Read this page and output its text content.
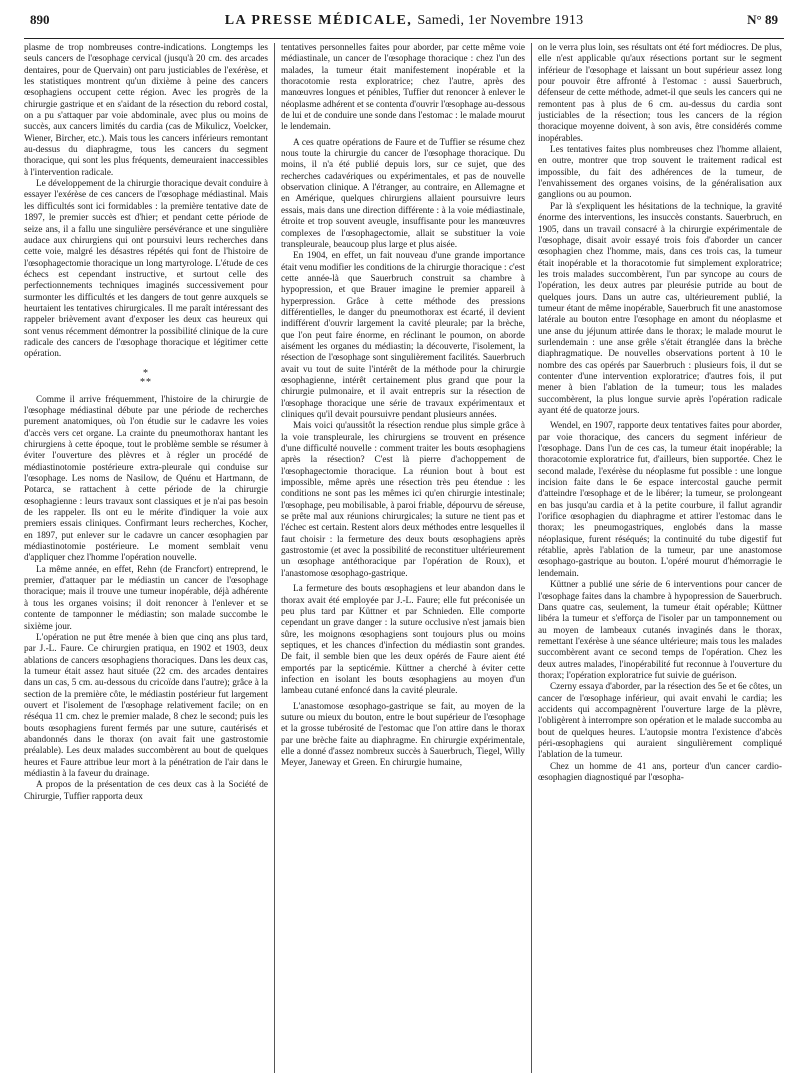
890	LA PRESSE MÉDICALE, Samedi, 1er Novembre 1913	N° 89

plasme de trop nombreuses contre-indications. Longtemps les seuls cancers de l'œsophage cervical (jusqu'à 20 cm. des arcades dentaires, pour de Quervain) ont paru justiciables de l'exérèse, et les statistiques montrent qu'un dixième à peine des cancers œsophagiens occupent cette région. Avec les progrès de la chirurgie gastrique et en s'aidant de la résection du rebord costal, on a pu s'attaquer par voie abdominale, avec plus ou moins de succès, aux cancers limités du cardia (cas de Mikulicz, Voelcker, Wiener, Bircher, etc.). Mais tous les cancers inférieurs remontant au-dessus du diaphragme, tous les cancers du segment thoracique, qui sont les plus fréquents, demeuraient inaccessibles à l'intervention radicale.

Le développement de la chirurgie thoracique devait conduire à essayer l'exérèse de ces cancers de l'œsophage médiastinal. Mais les difficultés sont ici formidables : la première tentative date de 1897, le premier succès est d'hier; et pendant cette période de seize ans, il a fallu une singulière persévérance et une singulière audace aux chirurgiens qui ont poursuivi leurs recherches dans cette voie, malgré les désastres répétés qui font de l'histoire de l'œsophagectomie thoracique un long martyrologe. L'étude de ces échecs est cependant instructive, et surtout celle des perfectionnements techniques imaginés successivement pour surmonter les difficultés et les dangers de tout genre auxquels se heurtaient les tentatives chirurgicales. Il me paraît intéressant des rappeler brièvement avant d'exposer les deux cas heureux qui sont venus récemment démontrer la possibilité clinique de la cure radicale des cancers de l'œsophage thoracique et légitimer cette opération.

*
**

Comme il arrive fréquemment, l'histoire de la chirurgie de l'œsophage médiastinal débute par une période de recherches purement anatomiques, où l'on étudie sur le cadavre les voies d'accès vers cet organe. La crainte du pneumothorax hantant les chirurgiens à cette époque, tout le problème semble se résumer à éviter l'ouverture des plèvres et à régler un procédé de médiastinotomie postérieure extra-pleurale qui conduise sur l'œsophage. Les noms de Nasilow, de Quénu et Hartmann, de Potarca, se rattachent à cette période de la chirurgie œsophagienne : leurs travaux sont classiques et je n'ai pas besoin de les rappeler. Ils ont eu le mérite d'indiquer la voie aux premiers essais cliniques. Confirmant leurs recherches, Kocher, en 1897, put enlever sur le cadavre un cancer œsophagien par médiastinotomie postérieure. Le moment semblait venu d'appliquer chez l'homme l'opération nouvelle.

La même année, en effet, Rehn (de Francfort) entreprend, le premier, d'attaquer par le médiastin un cancer de l'œsophage thoracique; mais il trouve une tumeur inopérable, déjà adhérente à tous les organes voisins; il doit renoncer à l'enlever et se contente de tamponner le médiastin; son malade succombe le sixième jour.

L'opération ne put être menée à bien que cinq ans plus tard, par J.-L. Faure. Ce chirurgien pratiqua, en 1902 et 1903, deux ablations de cancers œsophagiens thoraciques. Dans les deux cas, la tumeur était assez haut située (22 cm. des arcades dentaires dans un cas, 5 cm. au-dessous du cricoïde dans l'autre); grâce à la section de la première côte, le médiastin postérieur fut largement ouvert et l'isolement de l'œsophage relativement facile; on en réséqua 11 cm. chez le premier malade, 8 chez le second; puis les bouts œsophagiens furent fermés par une suture, cautérisés et abandonnés dans le thorax (on avait fait une gastrostomie préalable). Les deux malades succombèrent au bout de quelques heures et Faure attribue leur mort à la pénétration de l'air dans le médiastin à la faveur du drainage.

A propos de la présentation de ces deux cas à la Société de Chirurgie, Tuffier rapporta deux

tentatives personnelles faites pour aborder, par cette même voie médiastinale, un cancer de l'œsophage thoracique : chez l'un des malades, la tumeur était manifestement inopérable et la thoracotomie resta exploratrice; chez l'autre, après des manœuvres longues et pénibles, Tuffier dut renoncer à enlever le néoplasme adhérent et se contenta d'ouvrir l'œsophage au-dessous de lui et de conduire une sonde dans l'estomac : le malade mourut le lendemain.

A ces quatre opérations de Faure et de Tuffier se résume chez nous toute la chirurgie du cancer de l'œsophage thoracique. Du moins, il n'a été publié depuis lors, sur ce sujet, que des recherches cadavériques ou expérimentales, et pas de nouvelle observation clinique. A l'étranger, au contraire, en Allemagne et en Amérique, quelques chirurgiens allaient poursuivre leurs essais, mais dans une direction différente : à la voie médiastinale, étroite et trop souvent aveugle, insuffisante pour les manœuvres complexes de l'œsophagectomie, allait se substituer la voie transpleurale, beaucoup plus large et plus aisée.

En 1904, en effet, un fait nouveau d'une grande importance était venu modifier les conditions de la chirurgie thoracique : c'est cette année-là que Sauerbruch construit sa chambre à hypopression, et que Brauer imagine le premier appareil à hyperpression. Grâce à cette méthode des pressions différentielles, le danger du pneumothorax est écarté, il devient indifférent d'ouvrir largement la cavité pleurale; par la brèche, que l'on peut faire énorme, en réclinant le poumon, on aborde aisément les organes du médiastin; la découverte, l'isolement, la résection de l'œsophage sont singulièrement facilités. Sauerbruch avait vu tout de suite l'intérêt de la méthode pour la chirurgie œsophagienne, intérêt certainement plus grand que pour la chirurgie pulmonaire, et il avait entrepris sur la résection de l'œsophage thoracique une série de travaux expérimentaux et cliniques qu'il devait poursuivre pendant plusieurs années.

Mais voici qu'aussitôt la résection rendue plus simple grâce à la voie transpleurale, les chirurgiens se trouvent en présence d'une difficulté nouvelle : comment traiter les bouts œsophagiens après la résection? C'est là pierre d'achoppement de l'œsophagectomie thoracique. La réunion bout à bout est impossible, même après une résection très peu étendue : les conditions ne sont pas les mêmes ici qu'en chirurgie intestinale; l'œsophage, peu mobilisable, à paroi friable, dépourvu de séreuse, se prête mal aux réunions chirurgicales; la suture ne tient pas et l'échec est certain. Restent alors deux méthodes entre lesquelles il faut choisir : la fermeture des deux bouts œsophagiens après gastrostomie (et avec la possibilité de reconstituer ultérieurement un œsophage antéthoracique par l'opération de Roux), et l'anastomose œsophago-gastrique.

La fermeture des bouts œsophagiens et leur abandon dans le thorax avait été employée par J.-L. Faure; elle fut préconisée un peu plus tard par Küttner et par Schnieden. Elle comporte cependant un grave danger : la suture occlusive n'est jamais bien sûre, les moignons œsophagiens sont toujours plus ou moins septiques, et les chances d'infection du médiastin sont grandes. De fait, il semble bien que les deux opérés de Faure aient été emportés par la septicémie. Küttner a cherché à éviter cette infection en isolant les bouts œsophagiens au moyen d'un lambeau cutané enfoncé dans la cavité pleurale.

L'anastomose œsophago-gastrique se fait, au moyen de la suture ou mieux du bouton, entre le bout supérieur de l'œsophage et la grosse tubérosité de l'estomac que l'on attire dans le thorax par une brèche faite au diaphragme. En chirurgie expérimentale, elle a donné d'assez nombreux succès à Sauerbruch, Tiegel, Willy Meyer, Janeway et Green. En chirurgie humaine,

on le verra plus loin, ses résultats ont été fort médiocres. De plus, elle n'est applicable qu'aux résections portant sur le segment inférieur de l'œsophage et laissant un bout supérieur assez long pour pouvoir être affronté à l'estomac : aussi Sauerbruch, défenseur de cette méthode, admet-il que seuls les cancers qui ne remontent pas à plus de 6 cm. au-dessus du cardia sont justiciables de la résection; tous les cancers de la région thoracique moyenne doivent, à son avis, être considérés comme inopérables.

Les tentatives faites plus nombreuses chez l'homme allaient, en outre, montrer que trop souvent le traitement radical est impossible, du fait des adhérences de la tumeur, de l'envahissement des organes voisins, de la généralisation aux ganglions ou au poumon.

Par là s'expliquent les hésitations de la technique, la gravité énorme des interventions, les insuccès constants. Sauerbruch, en 1905, dans un travail consacré à la chirurgie expérimentale de l'œsophage, disait avoir essayé trois fois d'aborder un cancer œsophagien chez l'homme, mais, dans ces trois cas, la tumeur était inopérable et la thoracotomie fut simplement exploratrice; les trois malades succombèrent, l'un par syncope au cours de l'opération, les deux autres par pleurésie putride au bout de quelques jours. Dans un autre cas, ultérieurement publié, la tumeur étant de même inopérable, Sauerbruch fit une anastomose latérale au bouton entre l'œsophage en amont du néoplasme et une anse du jéjunum attirée dans le thorax; le malade mourut le surlendemain : une anse grêle s'était étranglée dans la brèche diaphragmatique. De nouvelles observations portent à 10 le nombre des cas opérés par Sauerbruch : plusieurs fois, il dut se contenter d'une intervention exploratrice; d'autres fois, il put mener à bien l'ablation de la tumeur; tous les malades succombèrent, la plus longue survie après l'opération radicale ayant été de quatorze jours.

Wendel, en 1907, rapporte deux tentatives faites pour aborder, par voie thoracique, des cancers du segment inférieur de l'œsophage. Dans l'un de ces cas, la tumeur était inopérable; la thoracotomie exploratrice fut, d'ailleurs, bien supportée. Chez le second malade, l'exérèse du néoplasme fut possible : une longue incision faite dans le 6e espace intercostal gauche permit d'atteindre l'œsophage et de le libérer; la tumeur, se prolongeant en bas jusqu'au cardia et à la petite courbure, il fallut agrandir l'orifice œsophagien du diaphragme et attirer l'estomac dans le thorax; les pneumogastriques, englobés dans la masse néoplasique, furent réséqués; la continuité du tube digestif fut rétablie, après l'ablation de la tumeur, par une anastomose œsophago-gastrique au bouton. L'opéré mourut d'hémorragie le lendemain.

Küttner a publié une série de 6 interventions pour cancer de l'œsophage faites dans la chambre à hypopression de Sauerbruch. Dans quatre cas, seulement, la tumeur était opérable; Küttner libéra la tumeur et s'efforça de l'isoler par un tamponnement ou au moyen de lambeaux cutanés invaginés dans le thorax, remettant l'exérèse à une séance ultérieure; mais tous les malades succombèrent avant ce second temps de l'opération. Chez les deux autres malades, l'inopérabilité fut reconnue à l'ouverture du thorax; l'opération exploratrice fut suivie de guérison.

Czerny essaya d'aborder, par la résection des 5e et 6e côtes, un cancer de l'œsophage inférieur, qui avait envahi le cardia; les accidents qui accompagnèrent l'ouverture large de la plèvre, l'obligèrent à interrompre son opération et le malade succomba au bout de quelques heures. L'autopsie montra l'existence d'abcès péri-œsophagiens qui auraient singulièrement compliqué l'ablation de la tumeur.

Chez un homme de 41 ans, porteur d'un cancer cardio-œsophagien diagnostiqué par l'œsopha-
